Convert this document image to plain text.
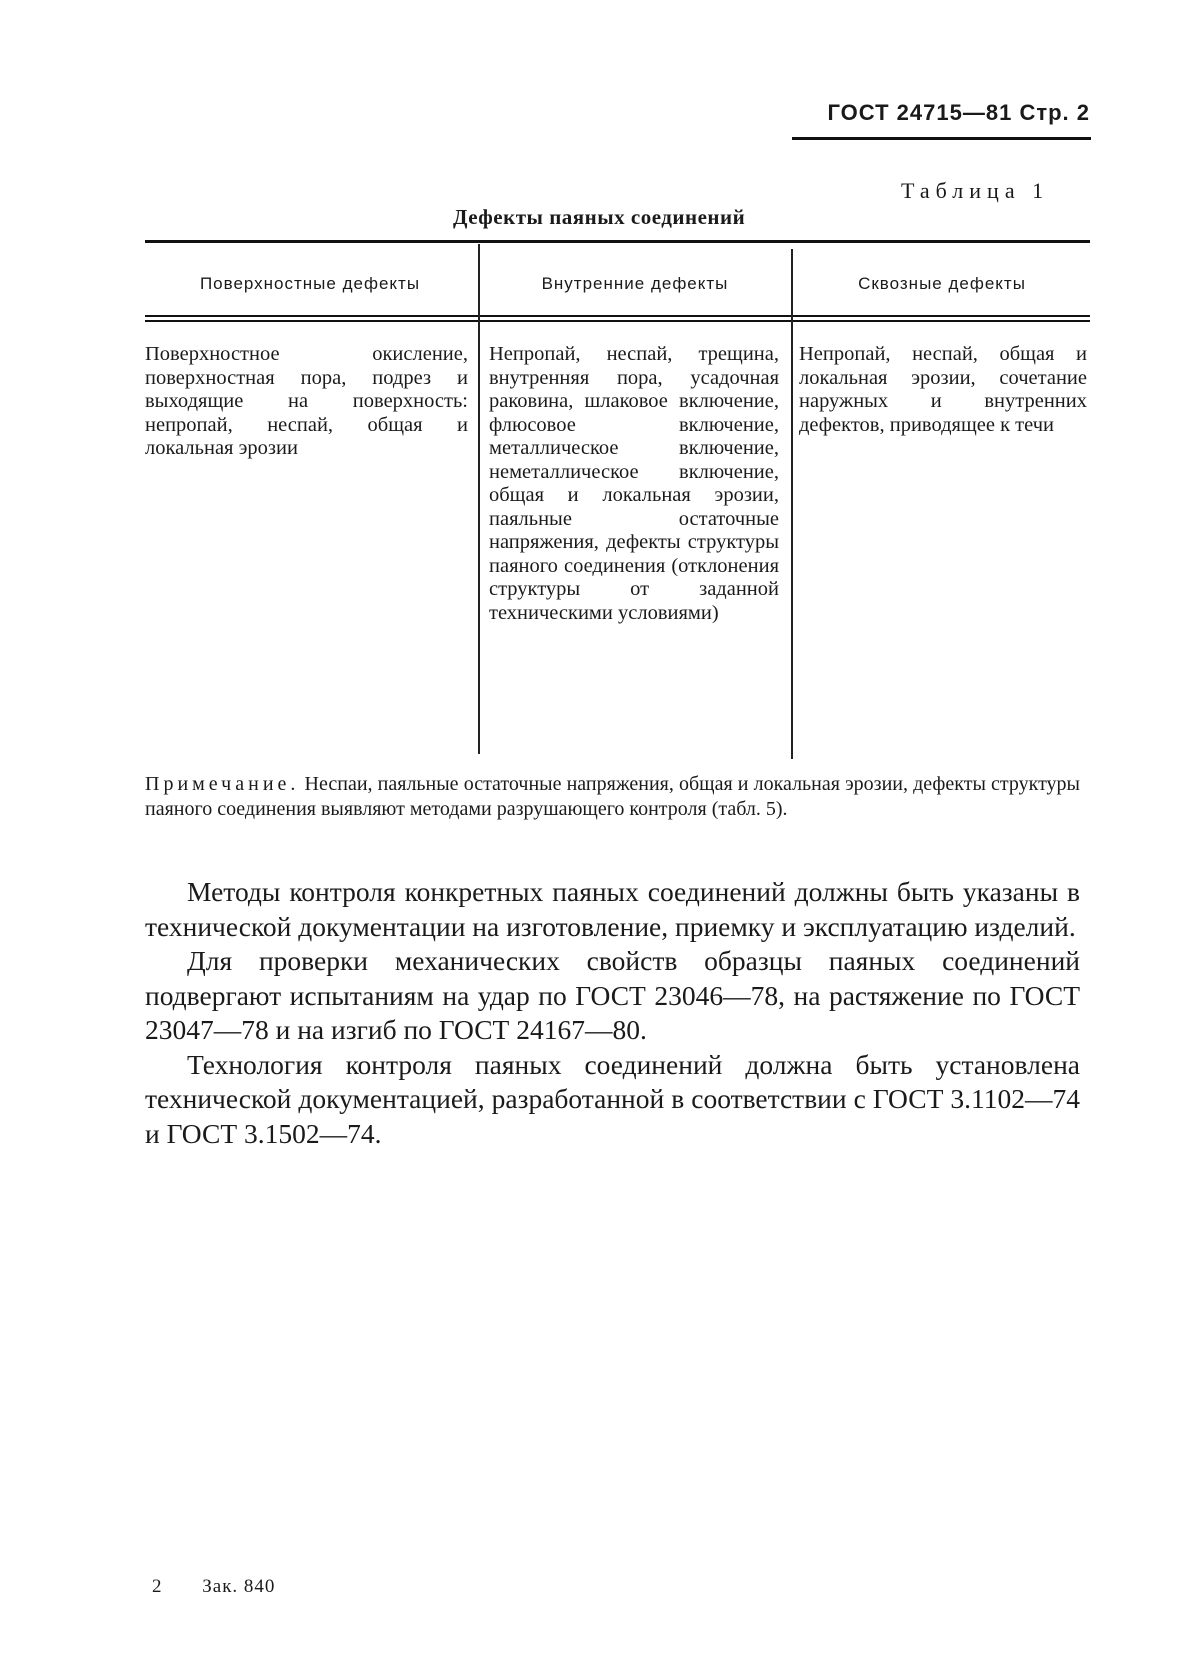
ГОСТ 24715—81 Стр. 2
Таблица 1
Дефекты паяных соединений
Поверхностные дефекты	Внутренние дефекты	Сквозные дефекты
Поверхностное окисление, поверхностная пора, подрез и выходящие на поверхность: непропай, неспай, общая и локальная эрозии
Непропай, неспай, трещина, внутренняя пора, усадочная раковина, шлаковое включение, флюсовое включение, металлическое включение, неметаллическое включение, общая и локальная эрозии, паяльные остаточные напряжения, дефекты структуры паяного соединения (отклонения структуры от заданной техническими условиями)
Непропай, неспай, общая и локальная эрозии, сочетание наружных и внутренних дефектов, приводящее к течи
Примечание. Неспаи, паяльные остаточные напряжения, общая и локальная эрозии, дефекты структуры паяного соединения выявляют методами разрушающего контроля (табл. 5).

Методы контроля конкретных паяных соединений должны быть указаны в технической документации на изготовление, приемку и эксплуатацию изделий.

Для проверки механических свойств образцы паяных соединений подвергают испытаниям на удар по ГОСТ 23046—78, на растяжение по ГОСТ 23047—78 и на изгиб по ГОСТ 24167—80.

Технология контроля паяных соединений должна быть установлена технической документацией, разработанной в соответствии с ГОСТ 3.1102—74 и ГОСТ 3.1502—74.

2 Зак. 840
